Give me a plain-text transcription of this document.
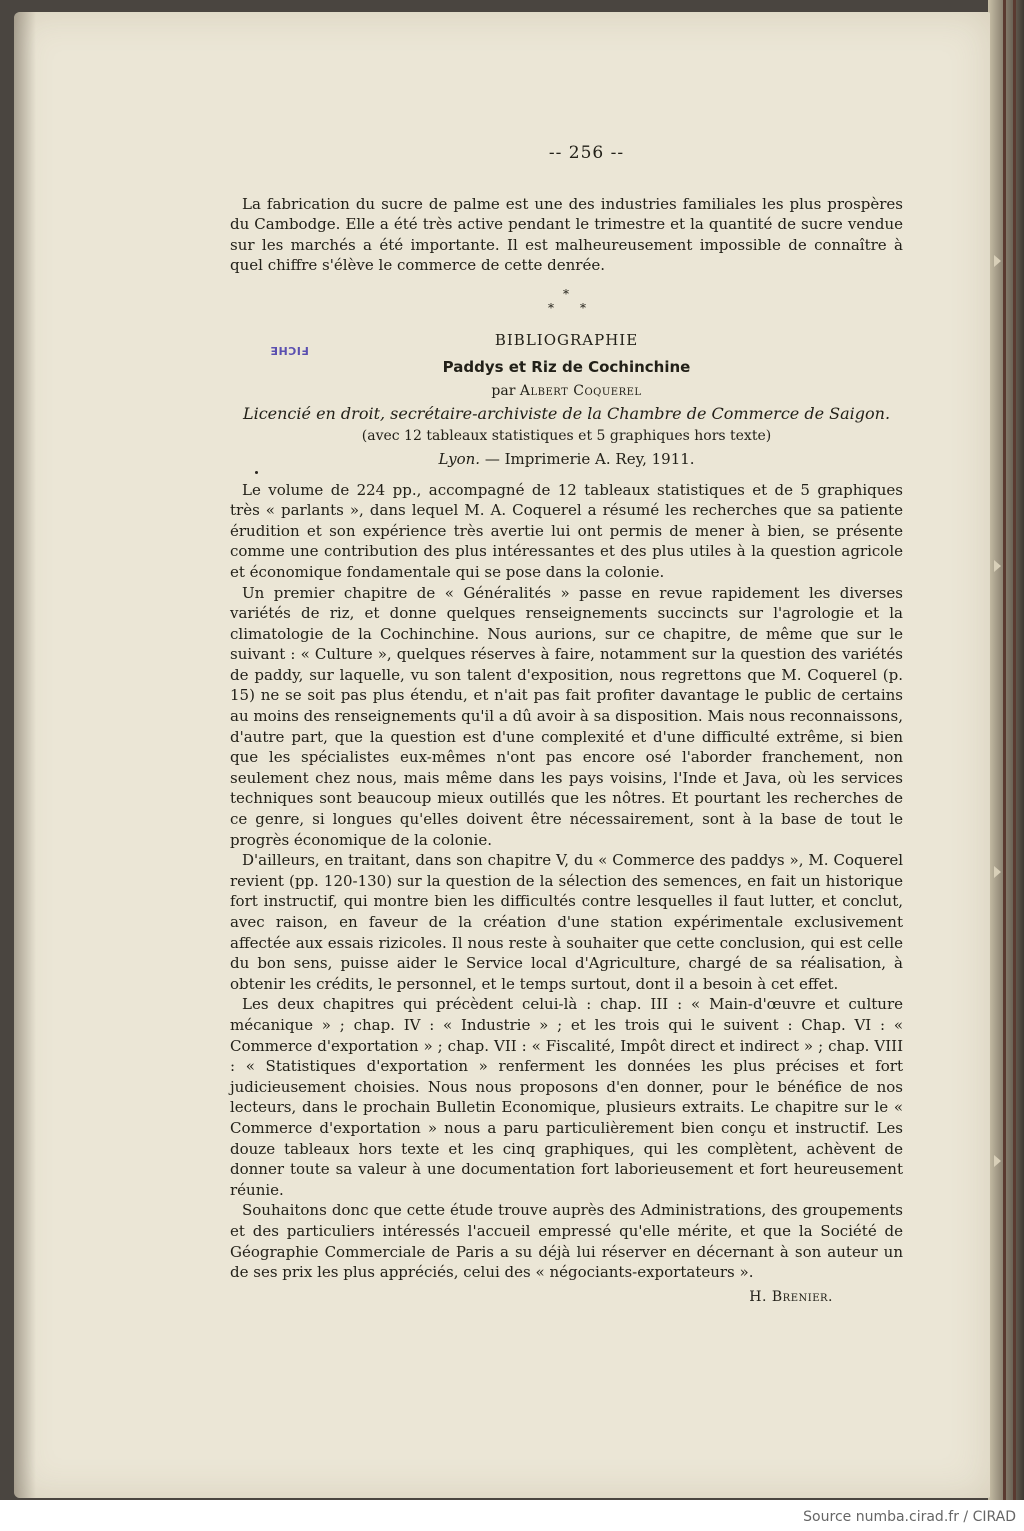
FICHE
-- 256 --

La fabrication du sucre de palme est une des industries familiales les plus prospères du Cambodge. Elle a été très active pendant le trimestre et la quantité de sucre vendue sur les marchés a été importante. Il est malheureusement impossible de connaître à quel chiffre s'élève le commerce de cette denrée.

*
* *
BIBLIOGRAPHIE
Paddys et Riz de Cochinchine
par Albert Coquerel
Licencié en droit, secrétaire-archiviste de la Chambre de Commerce de Saigon.
(avec 12 tableaux statistiques et 5 graphiques hors texte)
Lyon. — Imprimerie A. Rey, 1911.

Le volume de 224 pp., accompagné de 12 tableaux statistiques et de 5 graphiques très « parlants », dans lequel M. A. Coquerel a résumé les recherches que sa patiente érudition et son expérience très avertie lui ont permis de mener à bien, se présente comme une contribution des plus intéressantes et des plus utiles à la question agricole et économique fondamentale qui se pose dans la colonie.

Un premier chapitre de « Généralités » passe en revue rapidement les diverses variétés de riz, et donne quelques renseignements succincts sur l'agrologie et la climatologie de la Cochinchine. Nous aurions, sur ce chapitre, de même que sur le suivant : « Culture », quelques réserves à faire, notamment sur la question des variétés de paddy, sur laquelle, vu son talent d'exposition, nous regrettons que M. Coquerel (p. 15) ne se soit pas plus étendu, et n'ait pas fait profiter davantage le public de certains au moins des renseignements qu'il a dû avoir à sa disposition. Mais nous reconnaissons, d'autre part, que la question est d'une complexité et d'une difficulté extrême, si bien que les spécialistes eux-mêmes n'ont pas encore osé l'aborder franchement, non seulement chez nous, mais même dans les pays voisins, l'Inde et Java, où les services techniques sont beaucoup mieux outillés que les nôtres. Et pourtant les recherches de ce genre, si longues qu'elles doivent être nécessairement, sont à la base de tout le progrès économique de la colonie.

D'ailleurs, en traitant, dans son chapitre V, du « Commerce des paddys », M. Coquerel revient (pp. 120-130) sur la question de la sélection des semences, en fait un historique fort instructif, qui montre bien les difficultés contre lesquelles il faut lutter, et conclut, avec raison, en faveur de la création d'une station expérimentale exclusivement affectée aux essais rizicoles. Il nous reste à souhaiter que cette conclusion, qui est celle du bon sens, puisse aider le Service local d'Agriculture, chargé de sa réalisation, à obtenir les crédits, le personnel, et le temps surtout, dont il a besoin à cet effet.

Les deux chapitres qui précèdent celui-là : chap. III : « Main-d'œuvre et culture mécanique » ; chap. IV : « Industrie » ; et les trois qui le suivent : Chap. VI : « Commerce d'exportation » ; chap. VII : « Fiscalité, Impôt direct et indirect » ; chap. VIII : « Statistiques d'exportation » renferment les données les plus précises et fort judicieusement choisies. Nous nous proposons d'en donner, pour le bénéfice de nos lecteurs, dans le prochain Bulletin Economique, plusieurs extraits. Le chapitre sur le « Commerce d'exportation » nous a paru particulièrement bien conçu et instructif. Les douze tableaux hors texte et les cinq graphiques, qui les complètent, achèvent de donner toute sa valeur à une documentation fort laborieusement et fort heureusement réunie.

Souhaitons donc que cette étude trouve auprès des Administrations, des groupements et des particuliers intéressés l'accueil empressé qu'elle mérite, et que la Société de Géographie Commerciale de Paris a su déjà lui réserver en décernant à son auteur un de ses prix les plus appréciés, celui des « négociants-exportateurs ».

H. Brenier.
Source numba.cirad.fr / CIRAD
